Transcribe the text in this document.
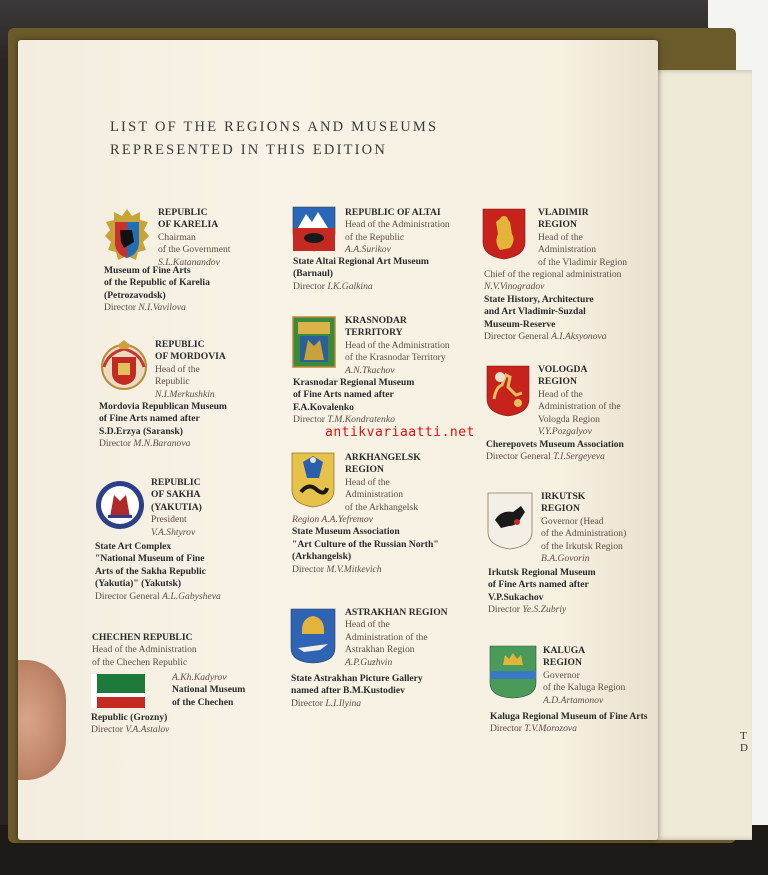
T
D
LIST OF THE REGIONS AND MUSEUMS
REPRESENTED IN THIS EDITION
REPUBLIC
OF KARELIA
Chairman
of the Government
S.L.Katanandov
Museum of Fine Arts
of the Republic of Karelia
(Petrozavodsk)
Director N.I.Vavilova
REPUBLIC OF ALTAI
Head of the Administration
of the Republic
A.A.Surikov
State Altai Regional Art Museum
(Barnaul)
Director I.K.Galkina
VLADIMIR
REGION
Head of the
Administration
of the Vladimir Region
Chief of the regional administration
N.V.Vinogradov
State History, Architecture
and Art Vladimir-Suzdal
Museum-Reserve
Director General A.I.Aksyonova
REPUBLIC
OF MORDOVIA
Head of the
Republic
N.I.Merkushkin
Mordovia Republican Museum
of Fine Arts named after
S.D.Erzya (Saransk)
Director M.N.Baranova
KRASNODAR
TERRITORY
Head of the Administration
of the Krasnodar Territory
A.N.Tkachov
Krasnodar Regional Museum
of Fine Arts named after
F.A.Kovalenko
Director T.M.Kondratenko
VOLOGDA
REGION
Head of the
Administration of the
Vologda Region
V.Y.Pozgalyov
Cherepovets Museum Association
Director General T.I.Sergeyeva
REPUBLIC
OF SAKHA
(YAKUTIA)
President
V.A.Shtyrov
State Art Complex
"National Museum of Fine
Arts of the Sakha Republic
(Yakutia)" (Yakutsk)
Director General A.L.Gabysheva
ARKHANGELSK
REGION
Head of the
Administration
of the Arkhangelsk
Region A.A.Yefremov
State Museum Association
"Art Culture of the Russian North"
(Arkhangelsk)
Director M.V.Mitkevich
IRKUTSK
REGION
Governor (Head
of the Administration)
of the Irkutsk Region
B.A.Govorin
Irkutsk Regional Museum
of Fine Arts named after
V.P.Sukachov
Director Ye.S.Zubriy
CHECHEN REPUBLIC
Head of the Administration
of the Chechen Republic
A.Kh.Kadyrov
National Museum
of the Chechen
Republic (Grozny)
Director V.A.Astalov
ASTRAKHAN REGION
Head of the
Administration of the
Astrakhan Region
A.P.Guzhvin
State Astrakhan Picture Gallery
named after B.M.Kustodiev
Director L.I.Ilyina
KALUGA
REGION
Governor
of the Kaluga Region
A.D.Artamonov
Kaluga Regional Museum of Fine Arts
Director T.V.Morozova
antikvariaatti.net
